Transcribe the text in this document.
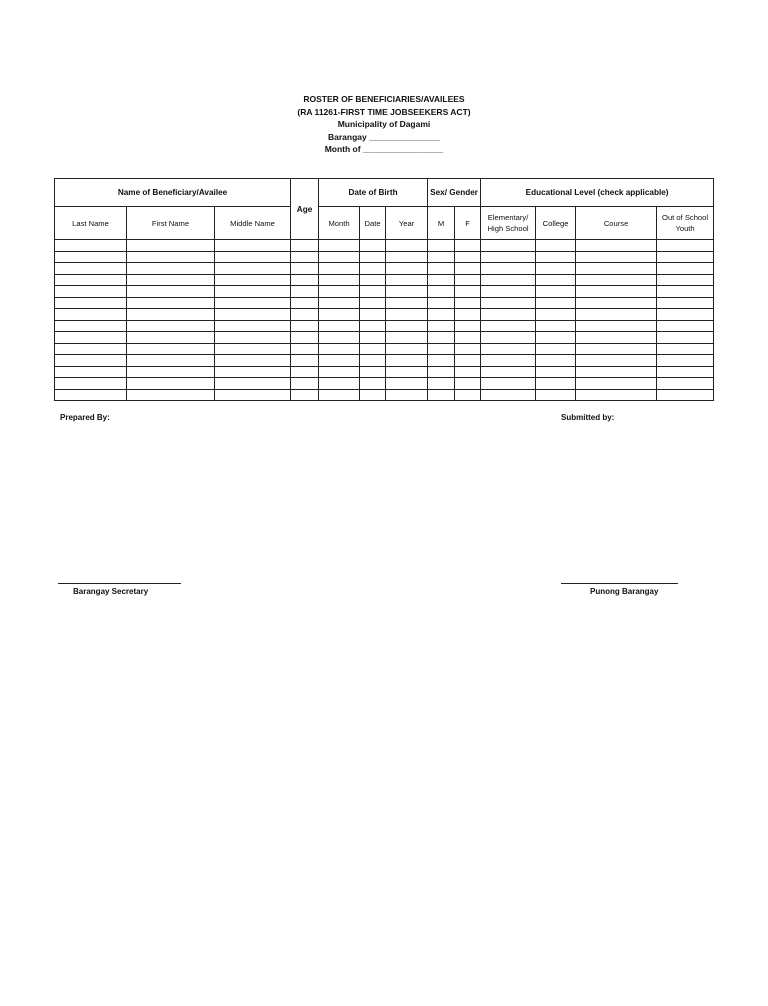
ROSTER OF BENEFICIARIES/AVAILEES
(RA 11261-FIRST TIME JOBSEEKERS ACT)
Municipality of Dagami
Barangay _______________
Month of _________________
Name of Beneficiary/Availee			Age	Date of Birth			Sex/ Gender		Educational Level (check applicable)			
Last Name	First Name	Middle Name		Month	Date	Year	M	F	Elementary/ High School	College	Course	Out of School Youth

Prepared By:	Submitted by:
Barangay Secretary	Punong Barangay
